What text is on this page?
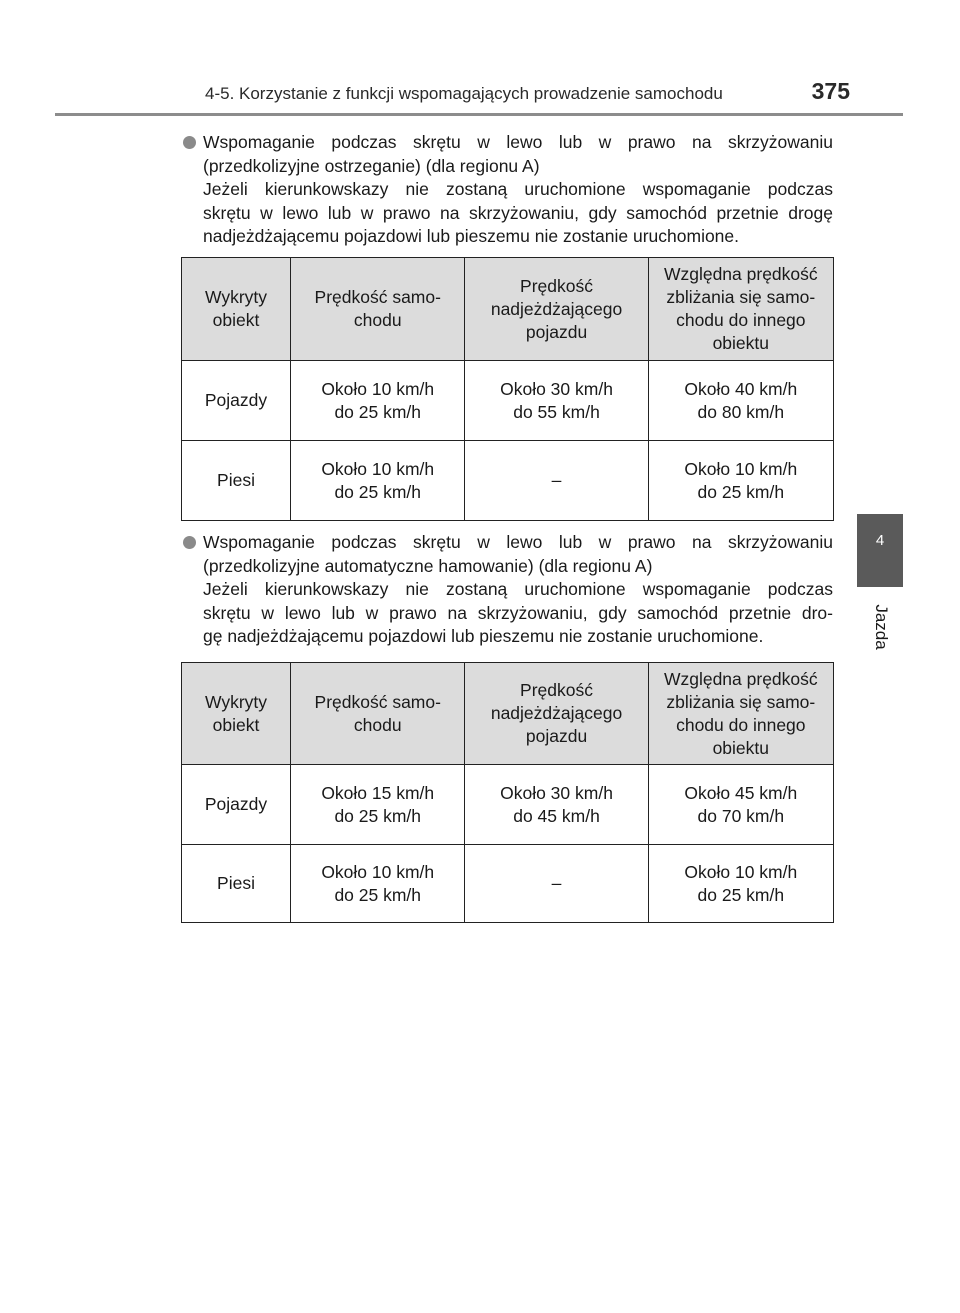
4-5. Korzystanie z funkcji wspomagających prowadzenie samochodu	375
4
Jazda
Wspomaganie podczas skrętu w lewo lub w prawo na skrzyżowaniu
(przedkolizyjne ostrzeganie) (dla regionu A)
Jeżeli kierunkowskazy nie zostaną uruchomione wspomaganie podczas
skrętu w lewo lub w prawo na skrzyżowaniu, gdy samochód przetnie drogę
nadjeżdżającemu pojazdowi lub pieszemu nie zostanie uruchomione.
Wykryty
obiekt	Prędkość samo-
chodu	Prędkość
nadjeżdżającego
pojazdu	Względna prędkość
zbliżania się samo-
chodu do innego
obiektu

Pojazdy	Około 10 km/h
do 25 km/h	Około 30 km/h
do 55 km/h	Około 40 km/h
do 80 km/h

Piesi	Około 10 km/h
do 25 km/h	–	Około 10 km/h
do 25 km/h
Wspomaganie podczas skrętu w lewo lub w prawo na skrzyżowaniu
(przedkolizyjne automatyczne hamowanie) (dla regionu A)
Jeżeli kierunkowskazy nie zostaną uruchomione wspomaganie podczas
skrętu w lewo lub w prawo na skrzyżowaniu, gdy samochód przetnie dro-
gę nadjeżdżającemu pojazdowi lub pieszemu nie zostanie uruchomione.
Wykryty
obiekt	Prędkość samo-
chodu	Prędkość
nadjeżdżającego
pojazdu	Względna prędkość
zbliżania się samo-
chodu do innego
obiektu

Pojazdy	Około 15 km/h
do 25 km/h	Około 30 km/h
do 45 km/h	Około 45 km/h
do 70 km/h

Piesi	Około 10 km/h
do 25 km/h	–	Około 10 km/h
do 25 km/h
